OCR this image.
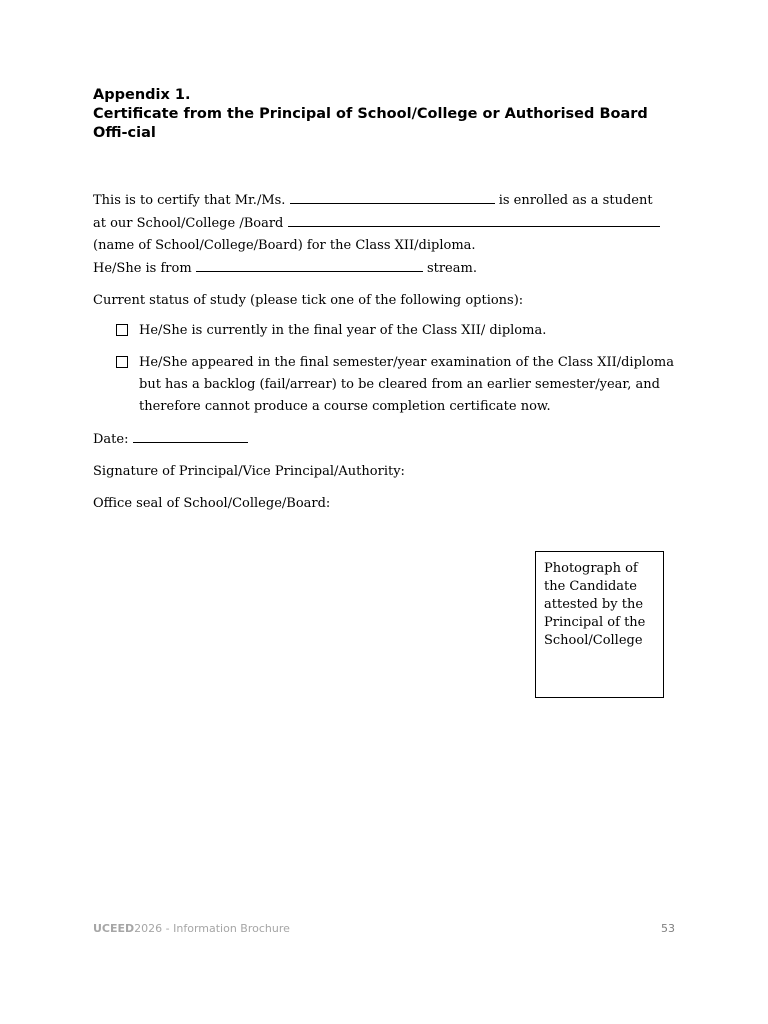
Appendix 1.
Certificate from the Principal of School/College or Authorised Board Offi-cial

This is to certify that Mr./Ms.	is enrolled as a student

at our School/College /Board

(name of School/College/Board) for the Class XII/diploma.

He/She is from	stream.

Current status of study (please tick one of the following options):

He/She is currently in the final year of the Class XII/ diploma.
He/She appeared in the final semester/year examination of the Class XII/diploma
but has a backlog (fail/arrear) to be cleared from an earlier semester/year, and
therefore cannot produce a course completion certificate now.

Date:

Signature of Principal/Vice Principal/Authority:

Office seal of School/College/Board:

Photograph of
the Candidate
attested by the
Principal of the
School/College
UCEED2026 - Information Brochure	53
